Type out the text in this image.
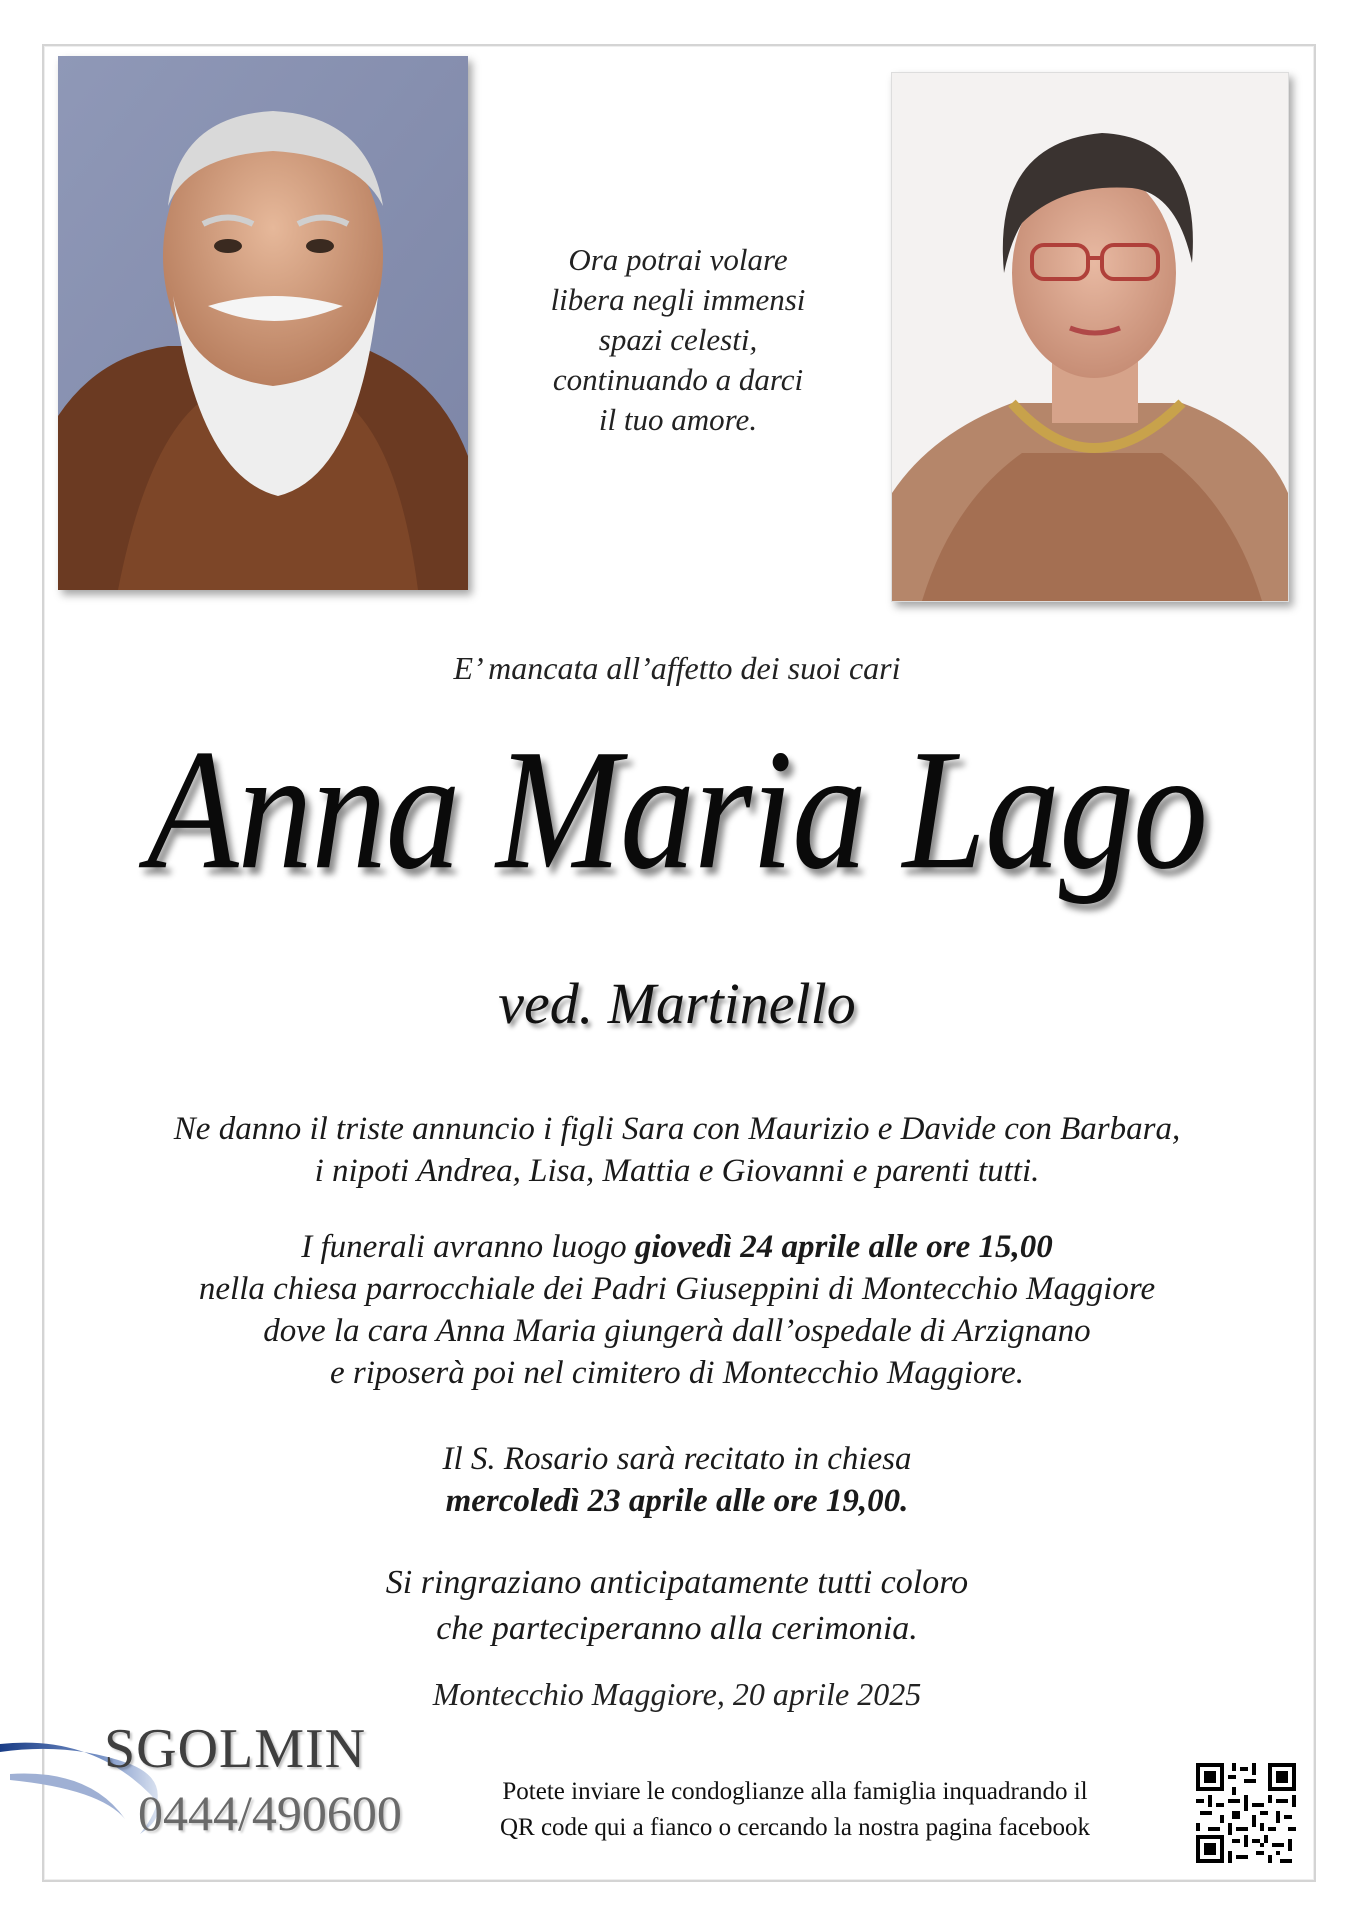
Ora potrai volare
libera negli immensi
spazi celesti,
continuando a darci
il tuo amore.
E’ mancata all’affetto dei suoi cari
Anna Maria Lago
ved. Martinello
Ne danno il triste annuncio i figli Sara con Maurizio e Davide con Barbara,
i nipoti Andrea, Lisa, Mattia e Giovanni e parenti tutti.
I funerali avranno luogo giovedì 24 aprile alle ore 15,00
nella chiesa parrocchiale dei Padri Giuseppini di Montecchio Maggiore
dove la cara Anna Maria giungerà dall’ospedale di Arzignano
e riposerà poi nel cimitero di Montecchio Maggiore.
Il S. Rosario sarà recitato in chiesa
mercoledì 23 aprile alle ore 19,00.
Si ringraziano anticipatamente tutti coloro
che parteciperanno alla cerimonia.
Montecchio Maggiore, 20 aprile 2025
SGOLMIN
0444/490600	Potete inviare le condoglianze alla famiglia inquadrando il
QR code qui a fianco o cercando la nostra pagina facebook
